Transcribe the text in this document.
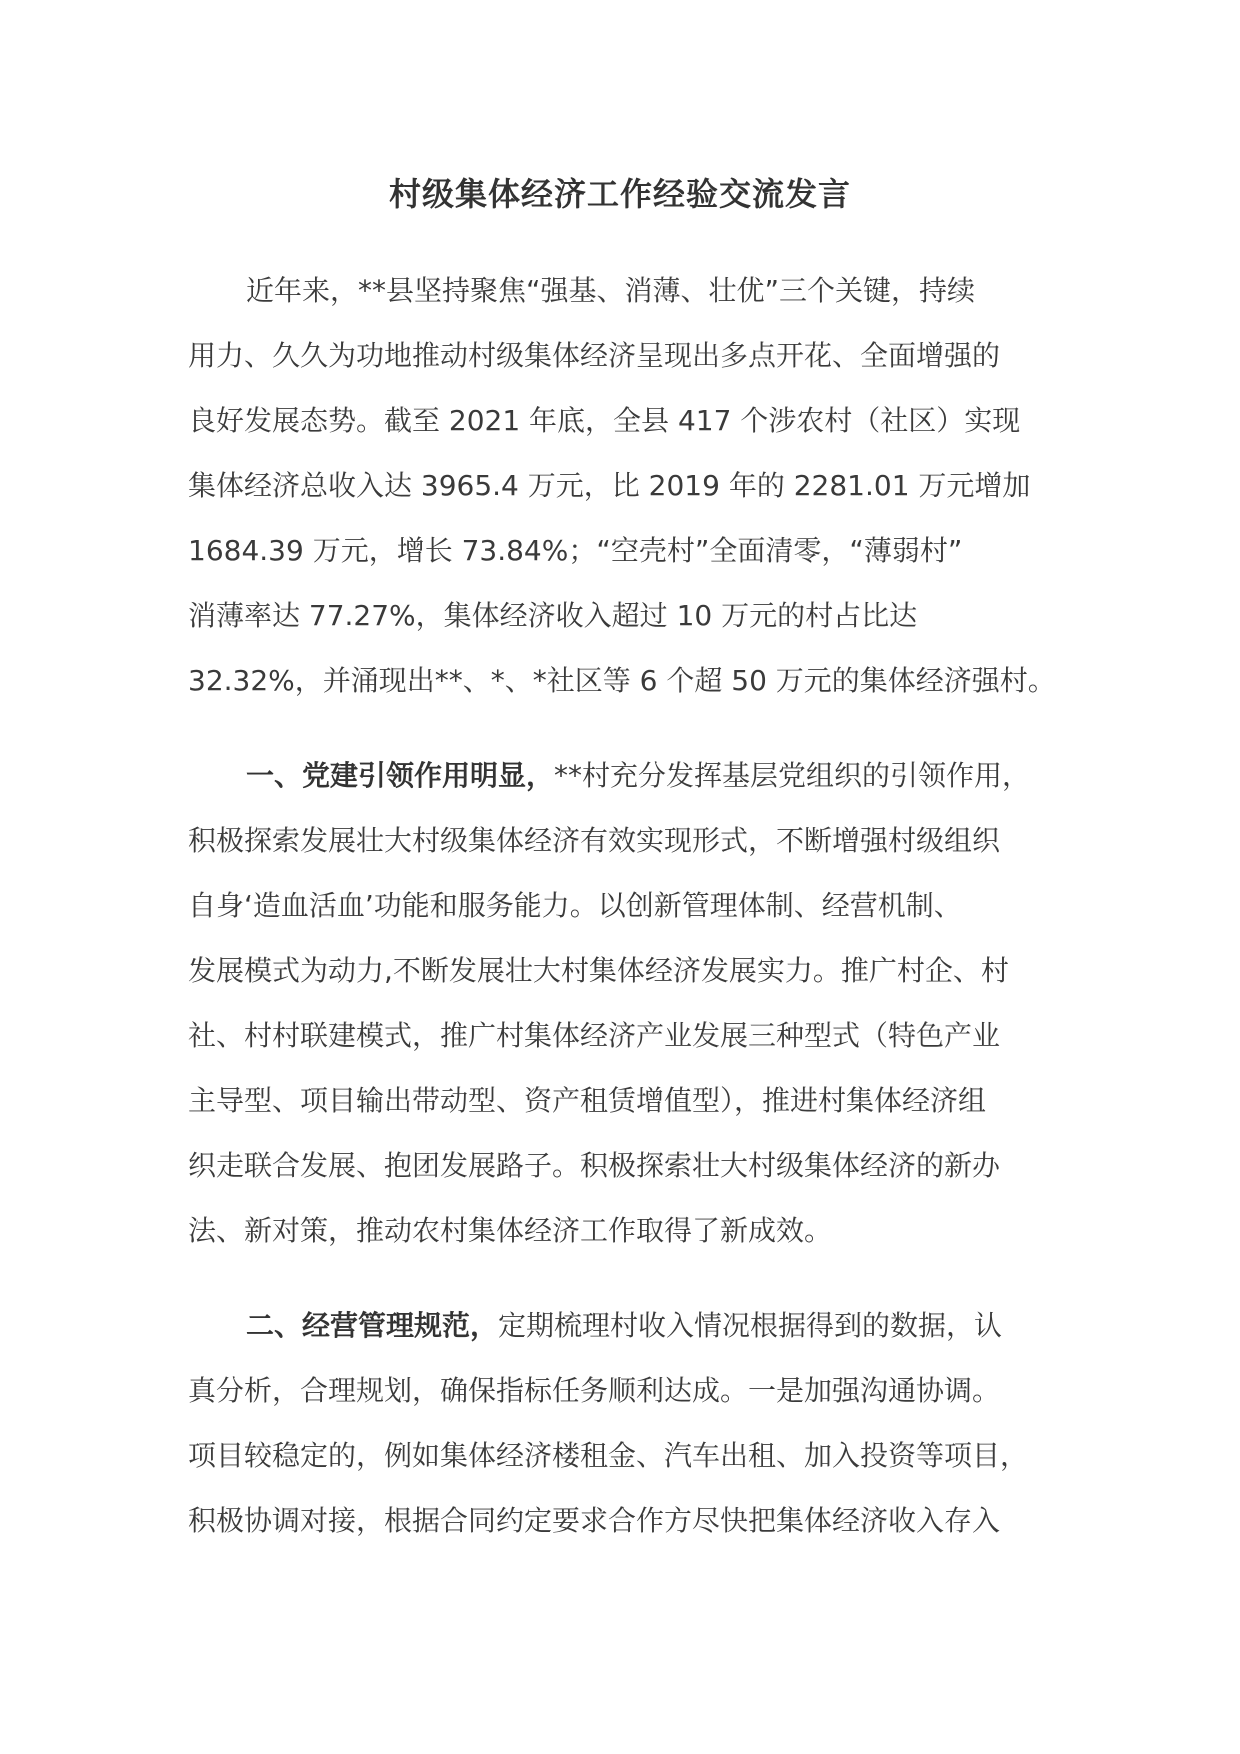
村级集体经济工作经验交流发言
近年来，**县坚持聚焦“强基、消薄、壮优”三个关键，持续
用力、久久为功地推动村级集体经济呈现出多点开花、全面增强的
良好发展态势。截至 2021 年底，全县 417 个涉农村（社区）实现
集体经济总收入达 3965.4 万元，比 2019 年的 2281.01 万元增加
1684.39 万元，增长 73.84%；“空壳村”全面清零，“薄弱村”
消薄率达 77.27%，集体经济收入超过 10 万元的村占比达
32.32%，并涌现出**、*、*社区等 6 个超 50 万元的集体经济强村。
一、党建引领作用明显，**村充分发挥基层党组织的引领作用，
积极探索发展壮大村级集体经济有效实现形式，不断增强村级组织
自身‘造血活血’功能和服务能力。以创新管理体制、经营机制、
发展模式为动力,不断发展壮大村集体经济发展实力。推广村企、村
社、村村联建模式，推广村集体经济产业发展三种型式（特色产业
主导型、项目输出带动型、资产租赁增值型），推进村集体经济组
织走联合发展、抱团发展路子。积极探索壮大村级集体经济的新办
法、新对策，推动农村集体经济工作取得了新成效。
二、经营管理规范，定期梳理村收入情况根据得到的数据，认
真分析，合理规划，确保指标任务顺利达成。一是加强沟通协调。
项目较稳定的，例如集体经济楼租金、汽车出租、加入投资等项目，
积极协调对接，根据合同约定要求合作方尽快把集体经济收入存入
